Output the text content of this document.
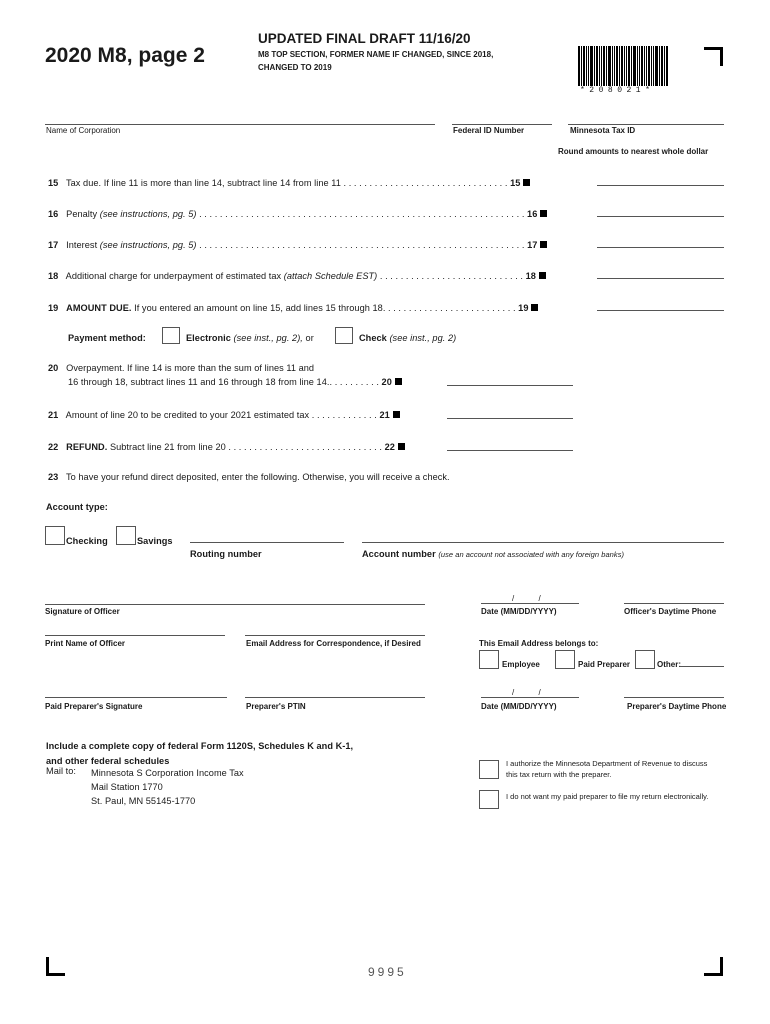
2020 M8, page 2
UPDATED FINAL DRAFT 11/16/20
M8 TOP SECTION, FORMER NAME IF CHANGED, SINCE 2018, CHANGED TO 2019
*208021*
Name of Corporation	Federal ID Number	Minnesota Tax ID
Round amounts to nearest whole dollar
15 Tax due. If line 11 is more than line 14, subtract line 14 from line 11 . . . . . . . . . . . . . . . . . . . . . . . . . . . . . . . . 15
16 Penalty (see instructions, pg. 5) . . . . . . . . . . . . . . . . . . . . . . . . . . . . . . . . . . . . . . . . . . . . . . . . . . . . . . . . . . . . . . . 16
17 Interest (see instructions, pg. 5) . . . . . . . . . . . . . . . . . . . . . . . . . . . . . . . . . . . . . . . . . . . . . . . . . . . . . . . . . . . . . . . 17
18 Additional charge for underpayment of estimated tax (attach Schedule EST) . . . . . . . . . . . . . . . . . . . . . . . . . . . . 18
19 AMOUNT DUE. If you entered an amount on line 15, add lines 15 through 18. . . . . . . . . . . . . . . . . . . . . . . . . . 19
Payment method:	Electronic (see inst., pg. 2), or	Check (see inst., pg. 2)
20 Overpayment. If line 14 is more than the sum of lines 11 and
16 through 18, subtract lines 11 and 16 through 18 from line 14.. . . . . . . . . . 20
21 Amount of line 20 to be credited to your 2021 estimated tax . . . . . . . . . . . . . 21
22 REFUND. Subtract line 21 from line 20 . . . . . . . . . . . . . . . . . . . . . . . . . . . . . . 22
23 To have your refund direct deposited, enter the following. Otherwise, you will receive a check.
Account type:
Checking	Savings
Routing number	Account number (use an account not associated with any foreign banks)
Signature of Officer
/ /
Date (MM/DD/YYYY)	Officer's Daytime Phone
Print Name of Officer	Email Address for Correspondence, if Desired	This Email Address belongs to:
Employee	Paid Preparer	Other:
Paid Preparer's Signature	Preparer's PTIN
/ /
Date (MM/DD/YYYY)	Preparer's Daytime Phone
Include a complete copy of federal Form 1120S, Schedules K and K-1,
and other federal schedules
Mail to: Minnesota S Corporation Income Tax
Mail Station 1770
St. Paul, MN 55145-1770
I authorize the Minnesota Department of Revenue to discuss
this tax return with the preparer.
I do not want my paid preparer to file my return electronically.
9995
